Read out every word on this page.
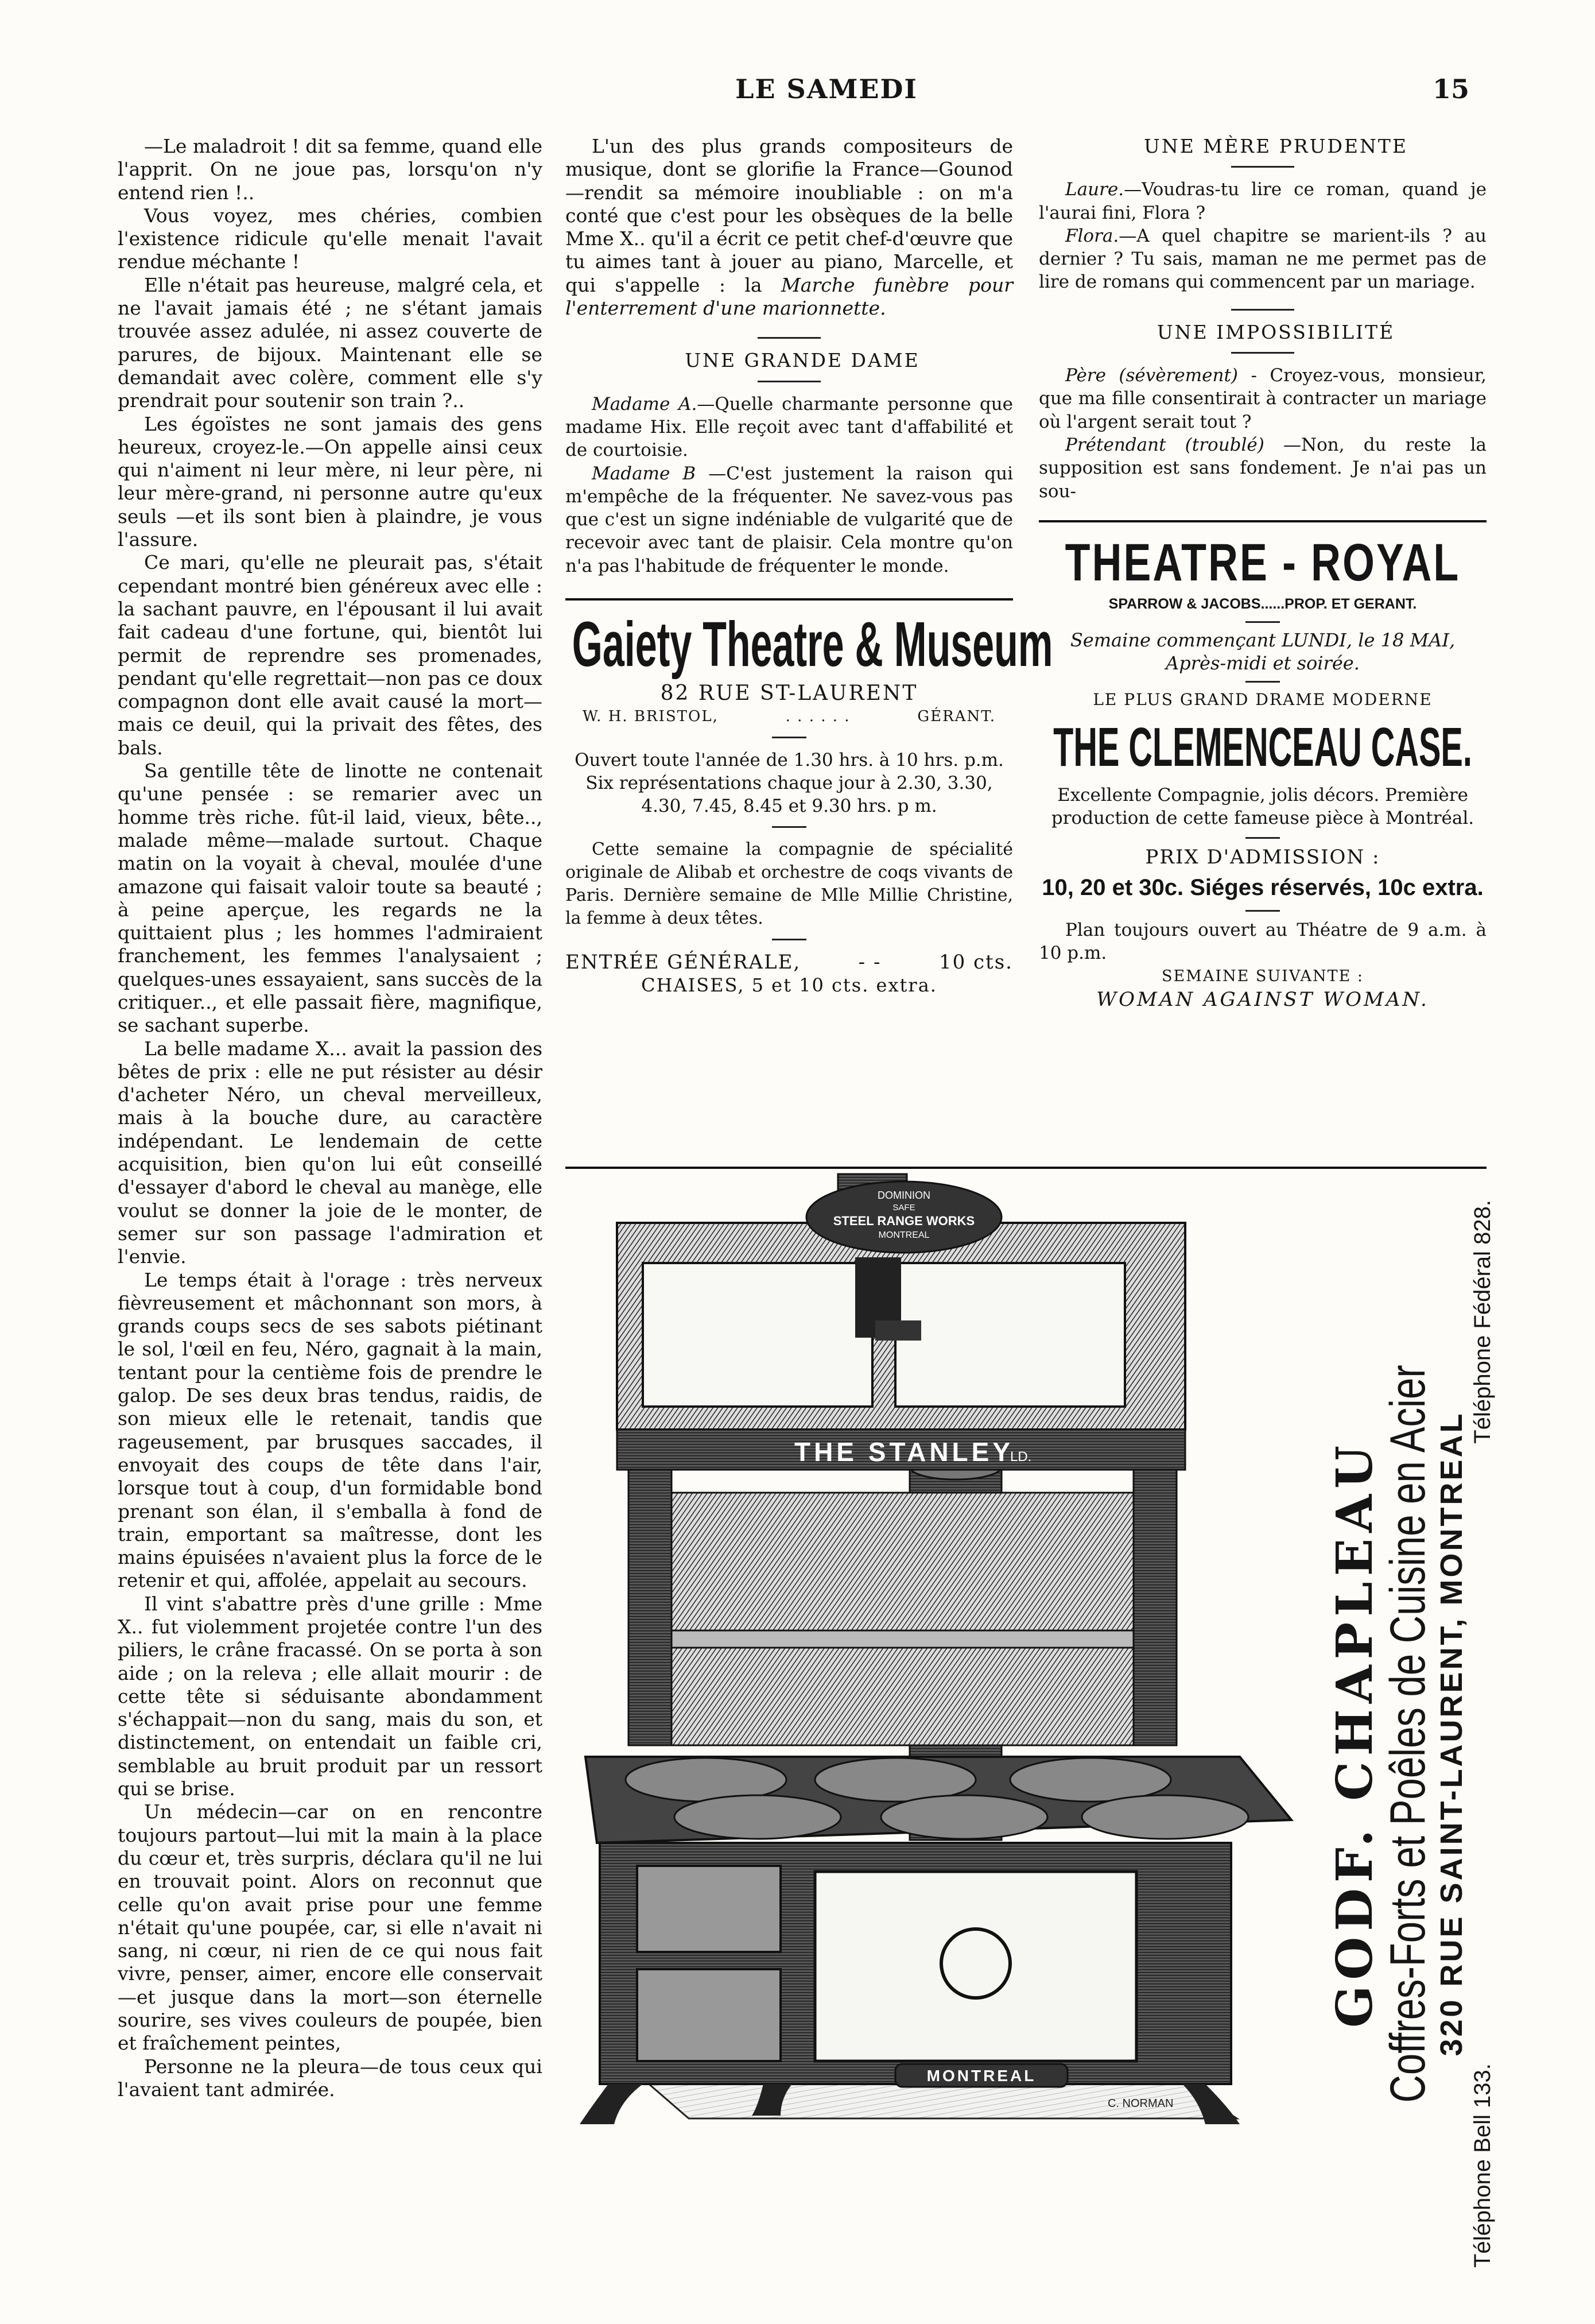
LE SAMEDI	15

—Le maladroit ! dit sa femme, quand elle l'apprit. On ne joue pas, lorsqu'on n'y entend rien !..

Vous voyez, mes chéries, combien l'existence ridicule qu'elle menait l'avait rendue méchante !

Elle n'était pas heureuse, malgré cela, et ne l'avait jamais été ; ne s'étant jamais trouvée assez adulée, ni assez couverte de parures, de bijoux. Maintenant elle se demandait avec colère, comment elle s'y prendrait pour soutenir son train ?..

Les égoïstes ne sont jamais des gens heureux, croyez-le.—On appelle ainsi ceux qui n'aiment ni leur mère, ni leur père, ni leur mère-grand, ni personne autre qu'eux seuls —et ils sont bien à plaindre, je vous l'assure.

Ce mari, qu'elle ne pleurait pas, s'était cependant montré bien généreux avec elle : la sachant pauvre, en l'épousant il lui avait fait cadeau d'une fortune, qui, bientôt lui permit de reprendre ses promenades, pendant qu'elle regrettait—non pas ce doux compagnon dont elle avait causé la mort—mais ce deuil, qui la privait des fêtes, des bals.

Sa gentille tête de linotte ne contenait qu'une pensée : se remarier avec un homme très riche. fût-il laid, vieux, bête.., malade même—malade surtout. Chaque matin on la voyait à cheval, moulée d'une amazone qui faisait valoir toute sa beauté ; à peine aperçue, les regards ne la quittaient plus ; les hommes l'admiraient franchement, les femmes l'analysaient ; quelques-unes essayaient, sans succès de la critiquer.., et elle passait fière, magnifique, se sachant superbe.

La belle madame X... avait la passion des bêtes de prix : elle ne put résister au désir d'acheter Néro, un cheval merveilleux, mais à la bouche dure, au caractère indépendant. Le lendemain de cette acquisition, bien qu'on lui eût conseillé d'essayer d'abord le cheval au manège, elle voulut se donner la joie de le monter, de semer sur son passage l'admiration et l'envie.

Le temps était à l'orage : très nerveux fièvreusement et mâchonnant son mors, à grands coups secs de ses sabots piétinant le sol, l'œil en feu, Néro, gagnait à la main, tentant pour la centième fois de prendre le galop. De ses deux bras tendus, raidis, de son mieux elle le retenait, tandis que rageusement, par brusques saccades, il envoyait des coups de tête dans l'air, lorsque tout à coup, d'un formidable bond prenant son élan, il s'emballa à fond de train, emportant sa maîtresse, dont les mains épuisées n'avaient plus la force de le retenir et qui, affolée, appelait au secours.

Il vint s'abattre près d'une grille : Mme X.. fut violemment projetée contre l'un des piliers, le crâne fracassé. On se porta à son aide ; on la releva ; elle allait mourir : de cette tête si séduisante abondamment s'échappait—non du sang, mais du son, et distinctement, on entendait un faible cri, semblable au bruit produit par un ressort qui se brise.

Un médecin—car on en rencontre toujours partout—lui mit la main à la place du cœur et, très surpris, déclara qu'il ne lui en trouvait point. Alors on reconnut que celle qu'on avait prise pour une femme n'était qu'une poupée, car, si elle n'avait ni sang, ni cœur, ni rien de ce qui nous fait vivre, penser, aimer, encore elle conservait—et jusque dans la mort—son éternelle sourire, ses vives couleurs de poupée, bien et fraîchement peintes,

Personne ne la pleura—de tous ceux qui l'avaient tant admirée.

L'un des plus grands compositeurs de musique, dont se glorifie la France—Gounod —rendit sa mémoire inoubliable : on m'a conté que c'est pour les obsèques de la belle Mme X.. qu'il a écrit ce petit chef-d'œuvre que tu aimes tant à jouer au piano, Marcelle, et qui s'appelle : la Marche funèbre pour l'enterrement d'une marionnette.

UNE GRANDE DAME

Madame A.—Quelle charmante personne que madame Hix. Elle reçoit avec tant d'affabilité et de courtoisie.

Madame B —C'est justement la raison qui m'empêche de la fréquenter. Ne savez-vous pas que c'est un signe indéniable de vulgarité que de recevoir avec tant de plaisir. Cela montre qu'on n'a pas l'habitude de fréquenter le monde.

Gaiety Theatre & Museum

82 RUE ST-LAURENT

W. H. BRISTOL,	. . . . . .	GÉRANT.

Ouvert toute l'année de 1.30 hrs. à 10 hrs. p.m. Six représentations chaque jour à 2.30, 3.30, 4.30, 7.45, 8.45 et 9.30 hrs. p m.

Cette semaine la compagnie de spécialité originale de Alibab et orchestre de coqs vivants de Paris. Dernière semaine de Mlle Millie Christine, la femme à deux têtes.

ENTRÉE GÉNÉRALE,	- -	10 cts.

CHAISES, 5 et 10 cts. extra.

UNE MÈRE PRUDENTE

Laure.—Voudras-tu lire ce roman, quand je l'aurai fini, Flora ?

Flora.—A quel chapitre se marient-ils ? au dernier ? Tu sais, maman ne me permet pas de lire de romans qui commencent par un mariage.

UNE IMPOSSIBILITÉ

Père (sévèrement) - Croyez-vous, monsieur, que ma fille consentirait à contracter un mariage où l'argent serait tout ?

Prétendant (troublé) —Non, du reste la supposition est sans fondement. Je n'ai pas un sou-

THEATRE - ROYAL

SPARROW & JACOBS......PROP. ET GERANT.

Semaine commençant LUNDI, le 18 MAI, Après-midi et soirée.

LE PLUS GRAND DRAME MODERNE

THE CLEMENCEAU CASE.

Excellente Compagnie, jolis décors. Première production de cette fameuse pièce à Montréal.

PRIX D'ADMISSION :

10, 20 et 30c. Siéges réservés, 10c extra.

Plan toujours ouvert au Théatre de 9 a.m. à 10 p.m.

SEMAINE SUIVANTE :

WOMAN AGAINST WOMAN.

DOMINION
SAFE
STEEL RANGE WORKS
MONTREAL
THE STANLEY
LD.
MONTREAL
C. NORMAN
GODF. CHAPLEAU
Coffres-Forts et Poêles de Cuisine en Acier
320 RUE SAINT-LAURENT, MONTREAL
Téléphone Bell 133.
Téléphone Fédéral 828.
